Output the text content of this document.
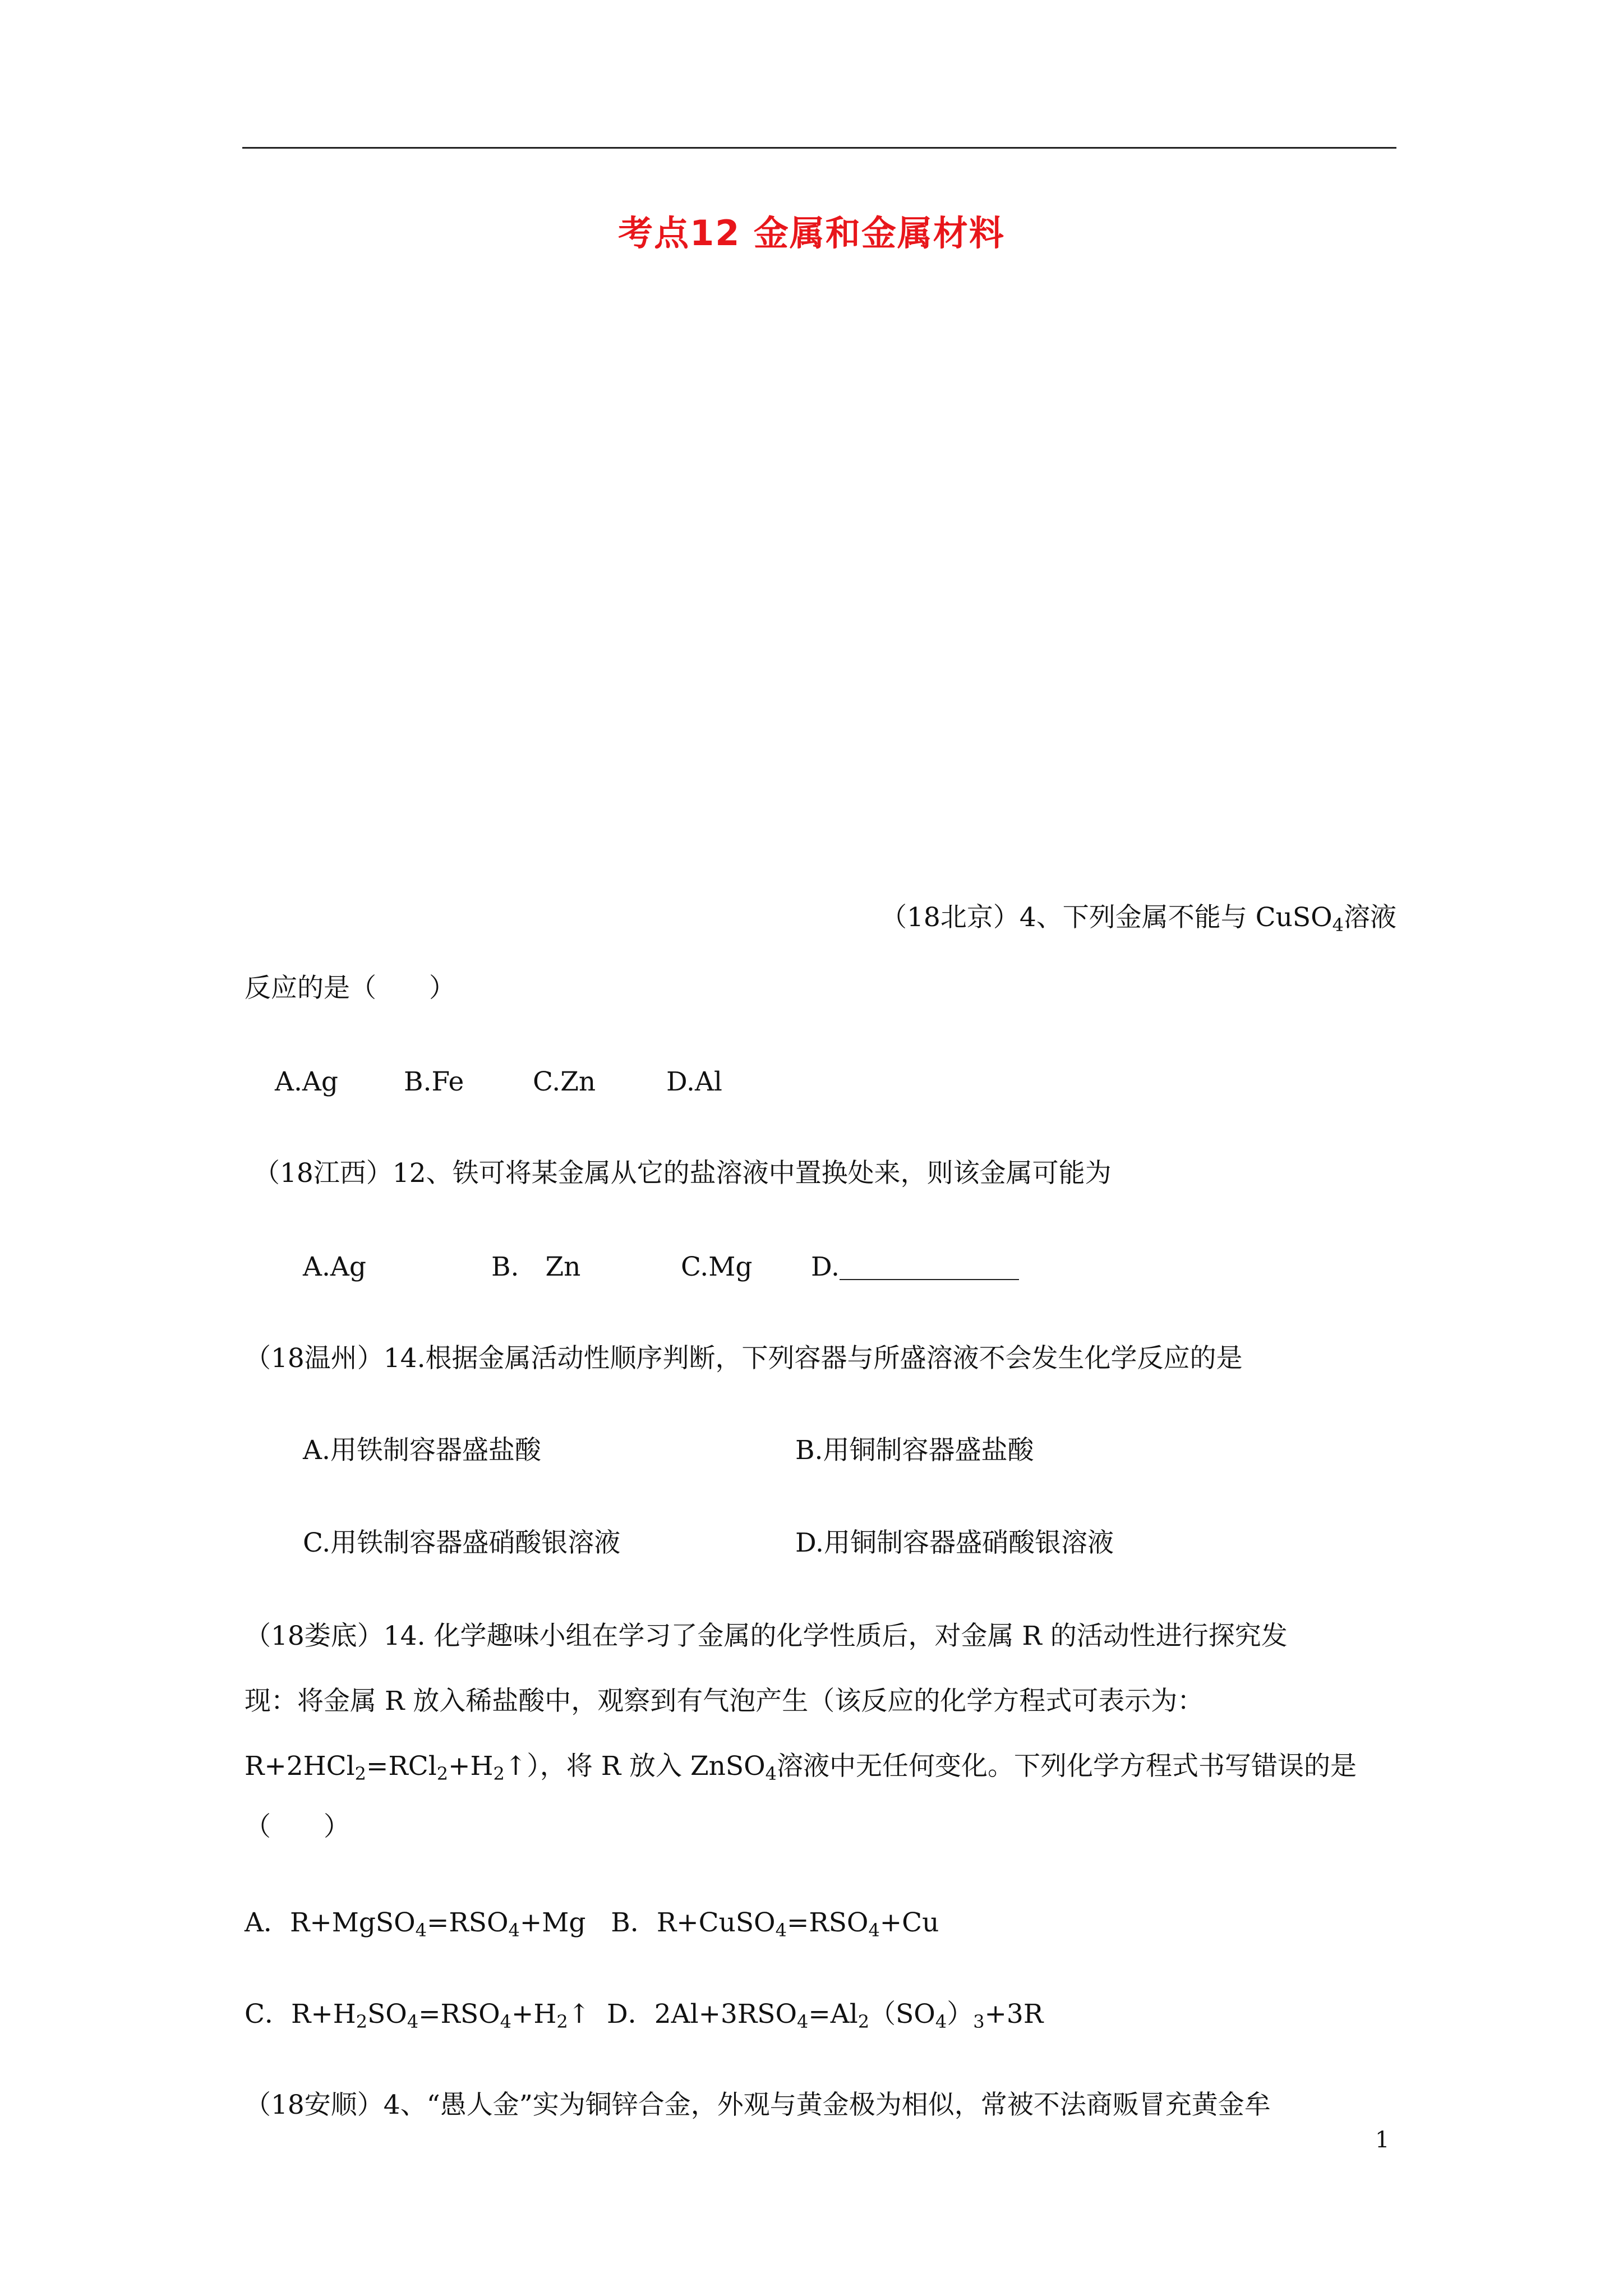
考点12 金属和金属材料
（18北京）4、下列金属不能与 CuSO$_4$溶液
反应的是（　　）
A.Ag B.Fe	C.Zn	D.Al
（18江西）12、铁可将某金属从它的盐溶液中置换处来，则该金属可能为
A.Ag	B.　Zn	C.Mg D.
（18温州）14.根据金属活动性顺序判断，下列容器与所盛溶液不会发生化学反应的是
A.用铁制容器盛盐酸	B.用铜制容器盛盐酸
C.用铁制容器盛硝酸银溶液	D.用铜制容器盛硝酸银溶液
（18娄底）14. 化学趣味小组在学习了金属的化学性质后，对金属 R 的活动性进行探究发
现：将金属 R 放入稀盐酸中，观察到有气泡产生（该反应的化学方程式可表示为：
$R+2HCl_2=RCl_2+H_2↑$），将 R 放入 ZnSO$_4$溶液中无任何变化。下列化学方程式书写错误的是
（　　）
A．$R+MgSO_4=RSO_4+Mg$ B．$R+CuSO_4=RSO_4+Cu$
C．$R+H_2SO_4=RSO_4+H_2↑$ D．$2Al+3RSO_4=Al_2(SO_4)_3+3R$
（18安顺）4、“愚人金”实为铜锌合金，外观与黄金极为相似，常被不法商贩冒充黄金牟
1
